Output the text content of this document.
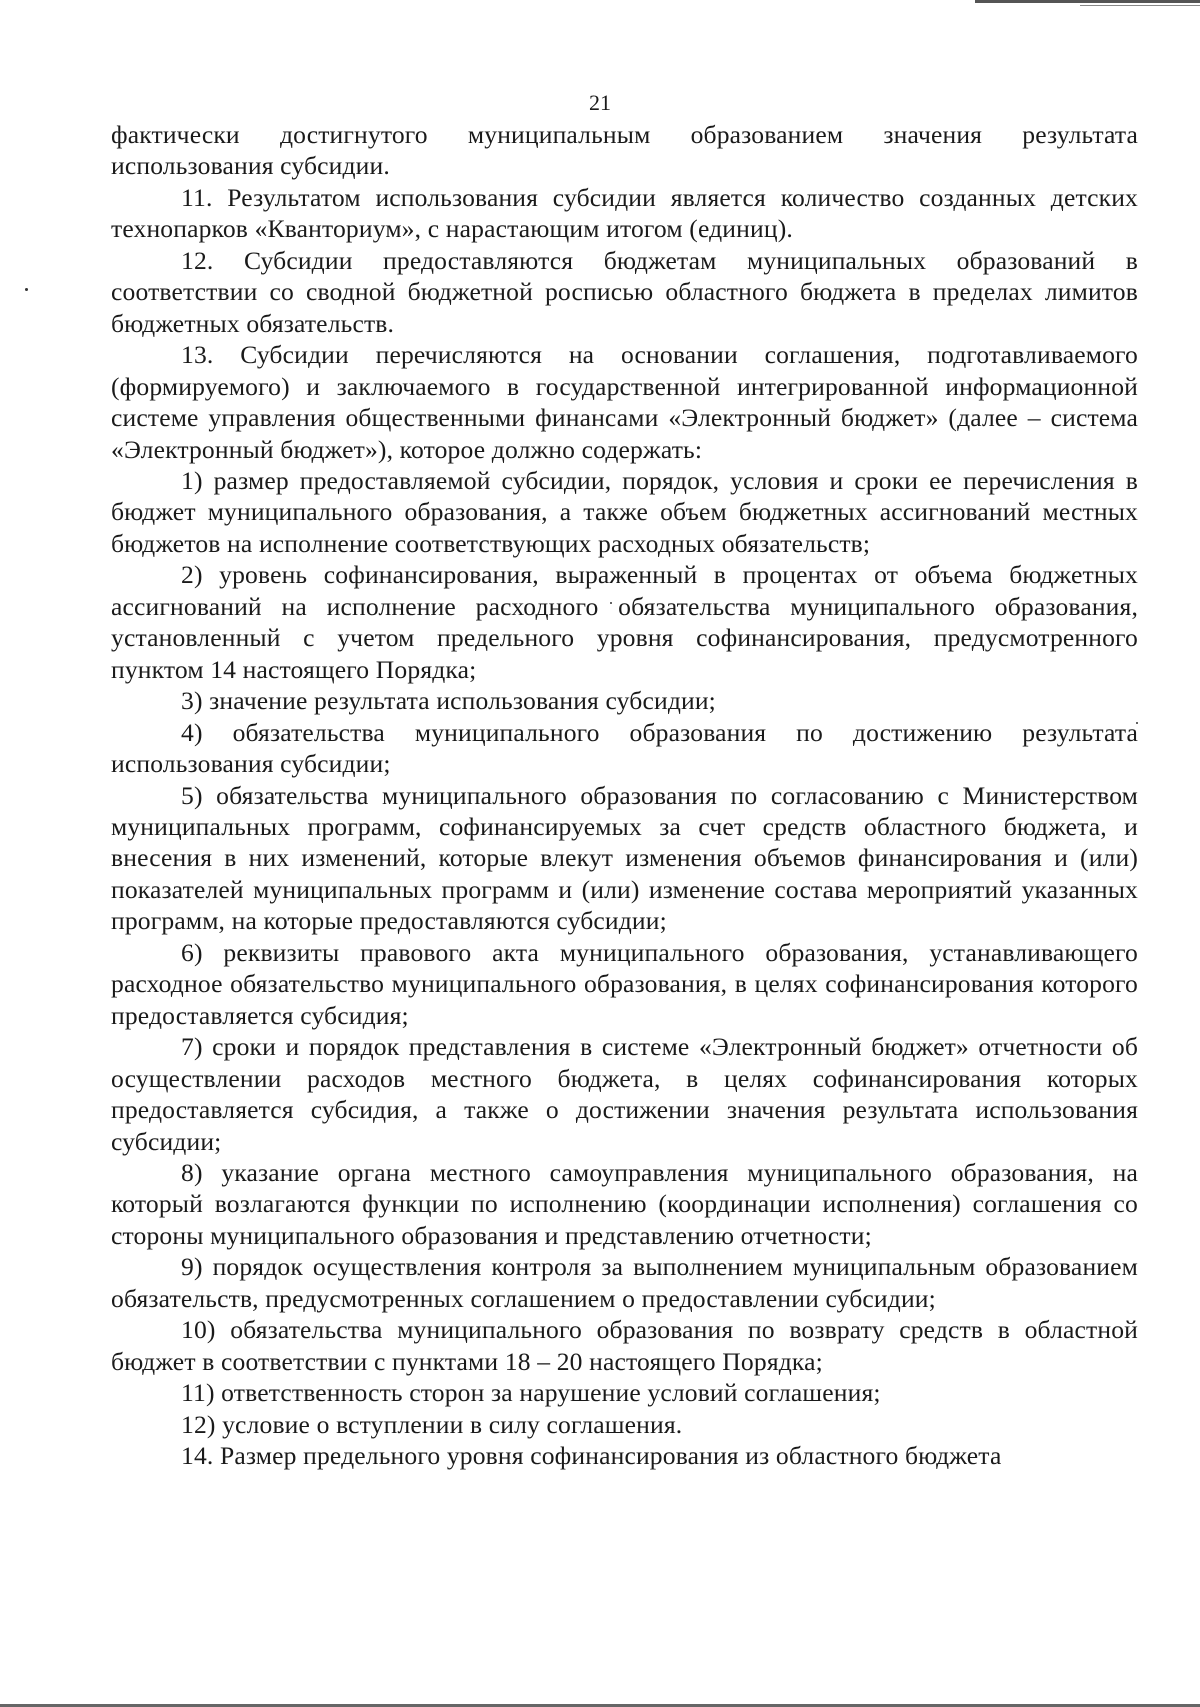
21

фактически достигнутого муниципальным образованием значения результата использования субсидии.

11. Результатом использования субсидии является количество созданных детских технопарков «Кванториум», с нарастающим итогом (единиц).

12. Субсидии предоставляются бюджетам муниципальных образований в соответствии со сводной бюджетной росписью областного бюджета в пределах лимитов бюджетных обязательств.

13. Субсидии перечисляются на основании соглашения, подготавливаемого (формируемого) и заключаемого в государственной интегрированной информационной системе управления общественными финансами «Электронный бюджет» (далее – система «Электронный бюджет»), которое должно содержать:

1) размер предоставляемой субсидии, порядок, условия и сроки ее перечисления в бюджет муниципального образования, а также объем бюджетных ассигнований местных бюджетов на исполнение соответствующих расходных обязательств;

2) уровень софинансирования, выраженный в процентах от объема бюджетных ассигнований на исполнение расходного обязательства муниципального образования, установленный с учетом предельного уровня софинансирования, предусмотренного пунктом 14 настоящего Порядка;

3) значение результата использования субсидии;

4) обязательства муниципального образования по достижению результата использования субсидии;

5) обязательства муниципального образования по согласованию с Министерством муниципальных программ, софинансируемых за счет средств областного бюджета, и внесения в них изменений, которые влекут изменения объемов финансирования и (или) показателей муниципальных программ и (или) изменение состава мероприятий указанных программ, на которые предоставляются субсидии;

6) реквизиты правового акта муниципального образования, устанавливающего расходное обязательство муниципального образования, в целях софинансирования которого предоставляется субсидия;

7) сроки и порядок представления в системе «Электронный бюджет» отчетности об осуществлении расходов местного бюджета, в целях софинансирования которых предоставляется субсидия, а также о достижении значения результата использования субсидии;

8) указание органа местного самоуправления муниципального образования, на который возлагаются функции по исполнению (координации исполнения) соглашения со стороны муниципального образования и представлению отчетности;

9) порядок осуществления контроля за выполнением муниципальным образованием обязательств, предусмотренных соглашением о предоставлении субсидии;

10) обязательства муниципального образования по возврату средств в областной бюджет в соответствии с пунктами 18 – 20 настоящего Порядка;

11) ответственность сторон за нарушение условий соглашения;

12) условие о вступлении в силу соглашения.

14. Размер предельного уровня софинансирования из областного бюджета
